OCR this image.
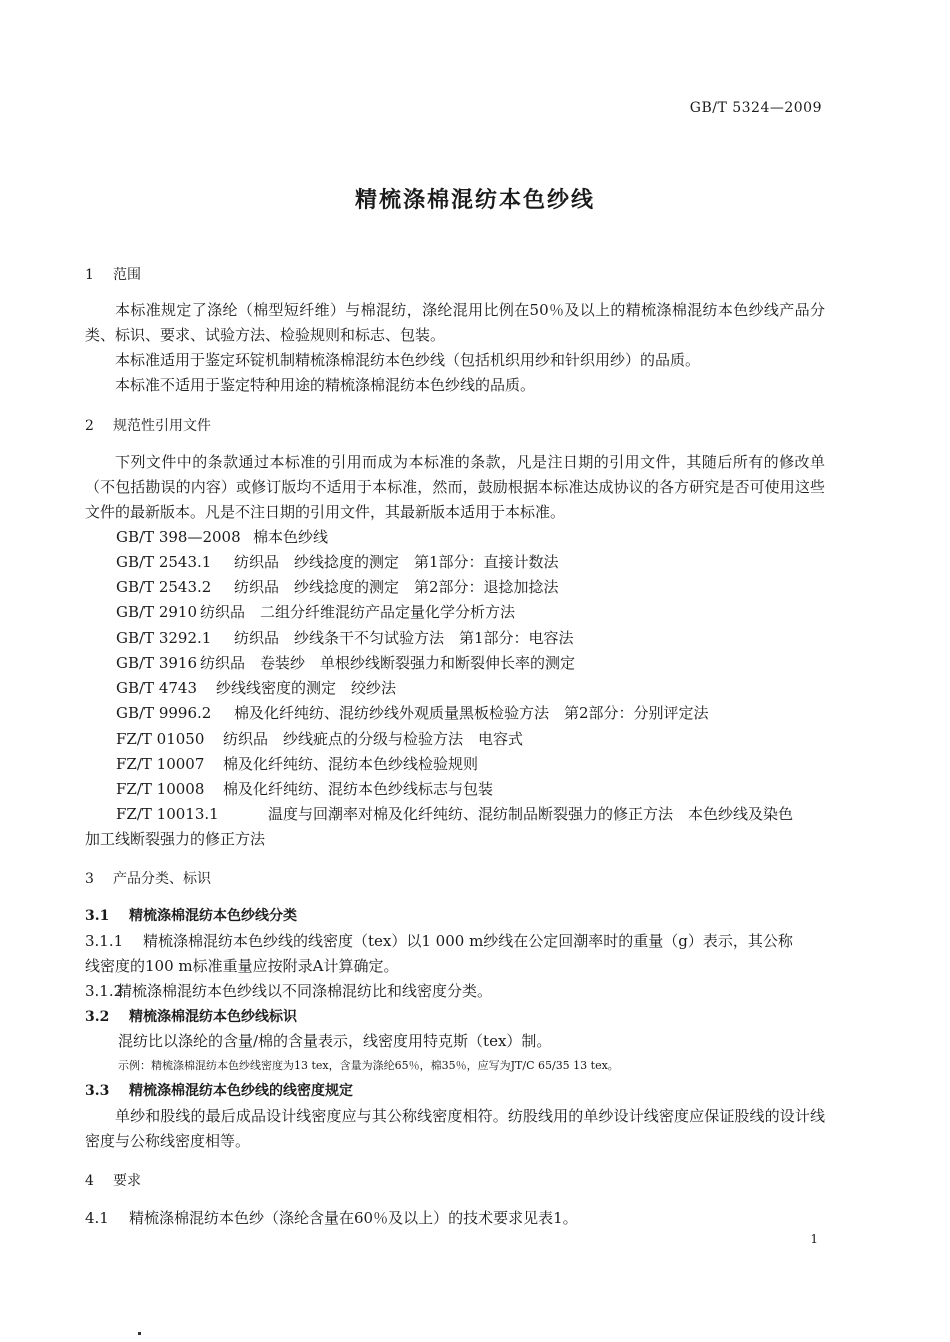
GB/T 5324—2009
精梳涤棉混纺本色纱线
1 范围
本标准规定了涤纶（棉型短纤维）与棉混纺，涤纶混用比例在50％及以上的精梳涤棉混纺本色纱线产品分类、标识、要求、试验方法、检验规则和标志、包装。
本标准适用于鉴定环锭机制精梳涤棉混纺本色纱线（包括机织用纱和针织用纱）的品质。
本标准不适用于鉴定特种用途的精梳涤棉混纺本色纱线的品质。
2 规范性引用文件
下列文件中的条款通过本标准的引用而成为本标准的条款，凡是注日期的引用文件，其随后所有的修改单（不包括勘误的内容）或修订版均不适用于本标准，然而，鼓励根据本标准达成协议的各方研究是否可使用这些文件的最新版本。凡是不注日期的引用文件，其最新版本适用于本标准。
GB/T 398—2008 棉本色纱线
GB/T 2543.1 纺织品　纱线捻度的测定　第1部分：直接计数法
GB/T 2543.2 纺织品　纱线捻度的测定　第2部分：退捻加捻法
GB/T 2910 纺织品　二组分纤维混纺产品定量化学分析方法
GB/T 3292.1 纺织品　纱线条干不匀试验方法　第1部分：电容法
GB/T 3916 纺织品　卷装纱　单根纱线断裂强力和断裂伸长率的测定
GB/T 4743 纱线线密度的测定　绞纱法
GB/T 9996.2 棉及化纤纯纺、混纺纱线外观质量黑板检验方法　第2部分：分别评定法
FZ/T 01050 纺织品　纱线疵点的分级与检验方法　电容式
FZ/T 10007 棉及化纤纯纺、混纺本色纱线检验规则
FZ/T 10008 棉及化纤纯纺、混纺本色纱线标志与包装
FZ/T 10013.1	温度与回潮率对棉及化纤纯纺、混纺制品断裂强力的修正方法　本色纱线及染色
加工线断裂强力的修正方法
3 产品分类、标识
3.1 精梳涤棉混纺本色纱线分类
3.1.1 精梳涤棉混纺本色纱线的线密度（tex）以1 000 m纱线在公定回潮率时的重量（g）表示，其公称
线密度的100 m标准重量应按附录A计算确定。
3.1.2精梳涤棉混纺本色纱线以不同涤棉混纺比和线密度分类。
3.2 精梳涤棉混纺本色纱线标识
混纺比以涤纶的含量/棉的含量表示，线密度用特克斯（tex）制。
示例：精梳涤棉混纺本色纱线密度为13 tex，含量为涤纶65％，棉35％，应写为JT/C 65/35 13 tex。
3.3 精梳涤棉混纺本色纱线的线密度规定
单纱和股线的最后成品设计线密度应与其公称线密度相符。纺股线用的单纱设计线密度应保证股线的设计线密度与公称线密度相等。
4 要求
4.1 精梳涤棉混纺本色纱（涤纶含量在60％及以上）的技术要求见表1。
1
